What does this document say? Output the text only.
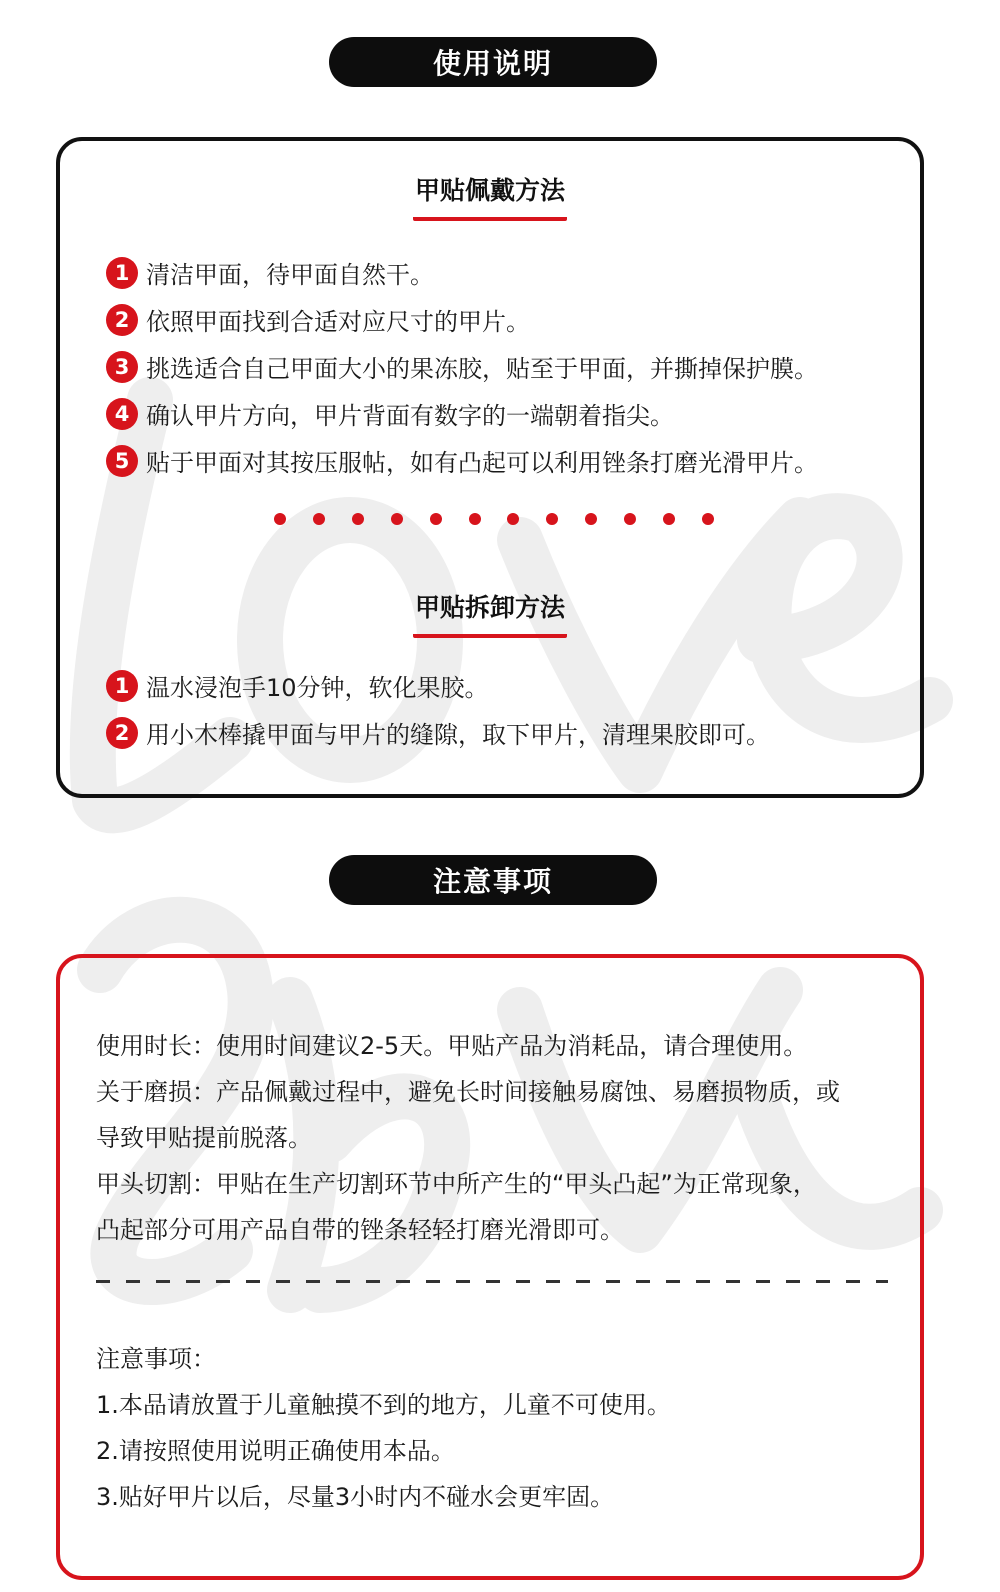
使用说明
甲贴佩戴方法
1 清洁甲面，待甲面自然干。
2 依照甲面找到合适对应尺寸的甲片。
3 挑选适合自己甲面大小的果冻胶，贴至于甲面，并撕掉保护膜。
4 确认甲片方向，甲片背面有数字的一端朝着指尖。
5 贴于甲面对其按压服帖，如有凸起可以利用锉条打磨光滑甲片。
甲贴拆卸方法
1 温水浸泡手10分钟，软化果胶。
2 用小木棒撬甲面与甲片的缝隙，取下甲片，清理果胶即可。
注意事项

使用时长：使用时间建议2-5天。甲贴产品为消耗品，请合理使用。

关于磨损：产品佩戴过程中，避免长时间接触易腐蚀、易磨损物质，或

导致甲贴提前脱落。

甲头切割：甲贴在生产切割环节中所产生的“甲头凸起”为正常现象，

凸起部分可用产品自带的锉条轻轻打磨光滑即可。

注意事项：

1.本品请放置于儿童触摸不到的地方，儿童不可使用。

2.请按照使用说明正确使用本品。

3.贴好甲片以后，尽量3小时内不碰水会更牢固。
